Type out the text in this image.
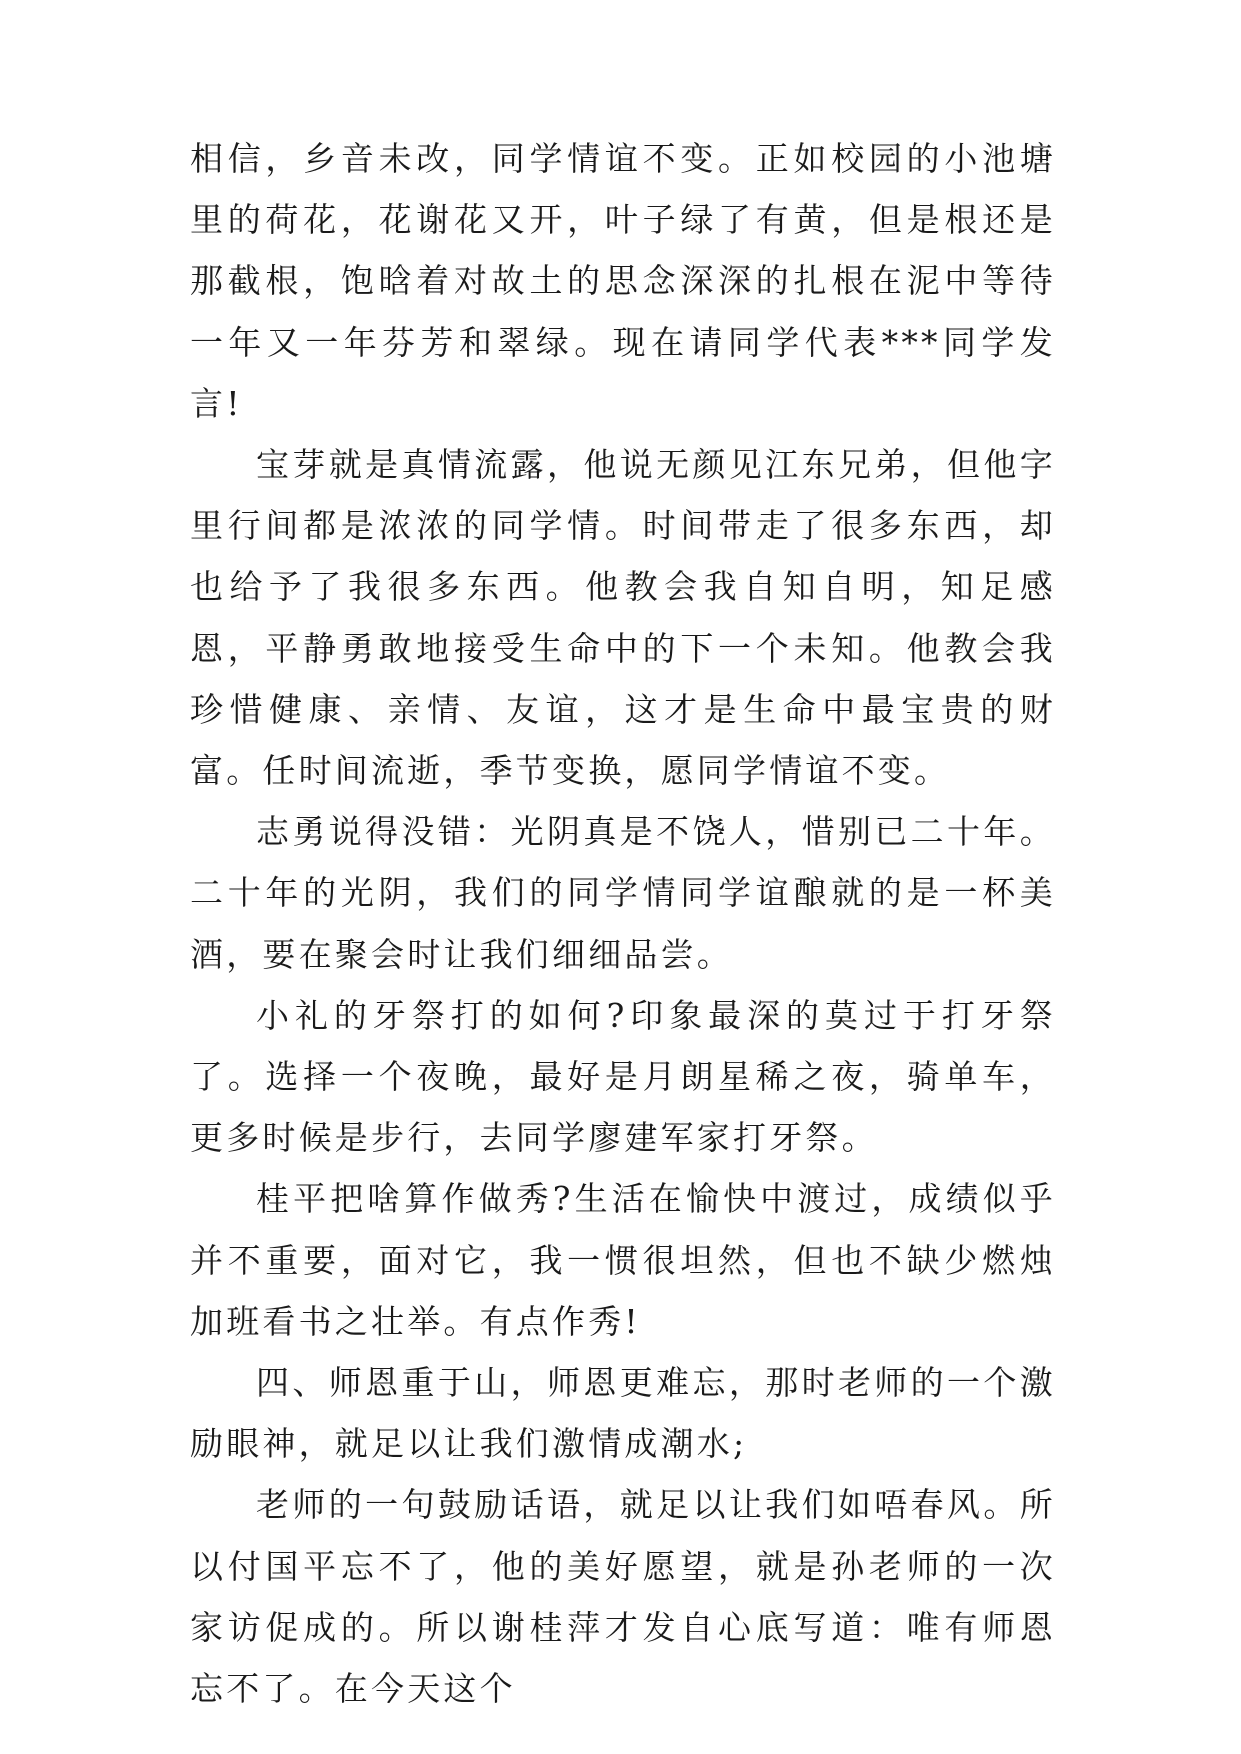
相信，乡音未改，同学情谊不变。正如校园的小池塘里的荷花，花谢花又开，叶子绿了有黄，但是根还是那截根，饱晗着对故土的思念深深的扎根在泥中等待一年又一年芬芳和翠绿。现在请同学代表***同学发言!

宝芽就是真情流露，他说无颜见江东兄弟，但他字里行间都是浓浓的同学情。时间带走了很多东西，却也给予了我很多东西。他教会我自知自明，知足感恩，平静勇敢地接受生命中的下一个未知。他教会我珍惜健康、亲情、友谊，这才是生命中最宝贵的财富。任时间流逝，季节变换，愿同学情谊不变。

志勇说得没错：光阴真是不饶人，惜别已二十年。二十年的光阴，我们的同学情同学谊酿就的是一杯美酒，要在聚会时让我们细细品尝。

小礼的牙祭打的如何?印象最深的莫过于打牙祭了。选择一个夜晚，最好是月朗星稀之夜，骑单车，更多时候是步行，去同学廖建军家打牙祭。

桂平把啥算作做秀?生活在愉快中渡过，成绩似乎并不重要，面对它，我一惯很坦然，但也不缺少燃烛加班看书之壮举。有点作秀!

四、师恩重于山，师恩更难忘，那时老师的一个激励眼神，就足以让我们激情成潮水;

老师的一句鼓励话语，就足以让我们如唔春风。所以付国平忘不了，他的美好愿望，就是孙老师的一次家访促成的。所以谢桂萍才发自心底写道：唯有师恩忘不了。在今天这个
